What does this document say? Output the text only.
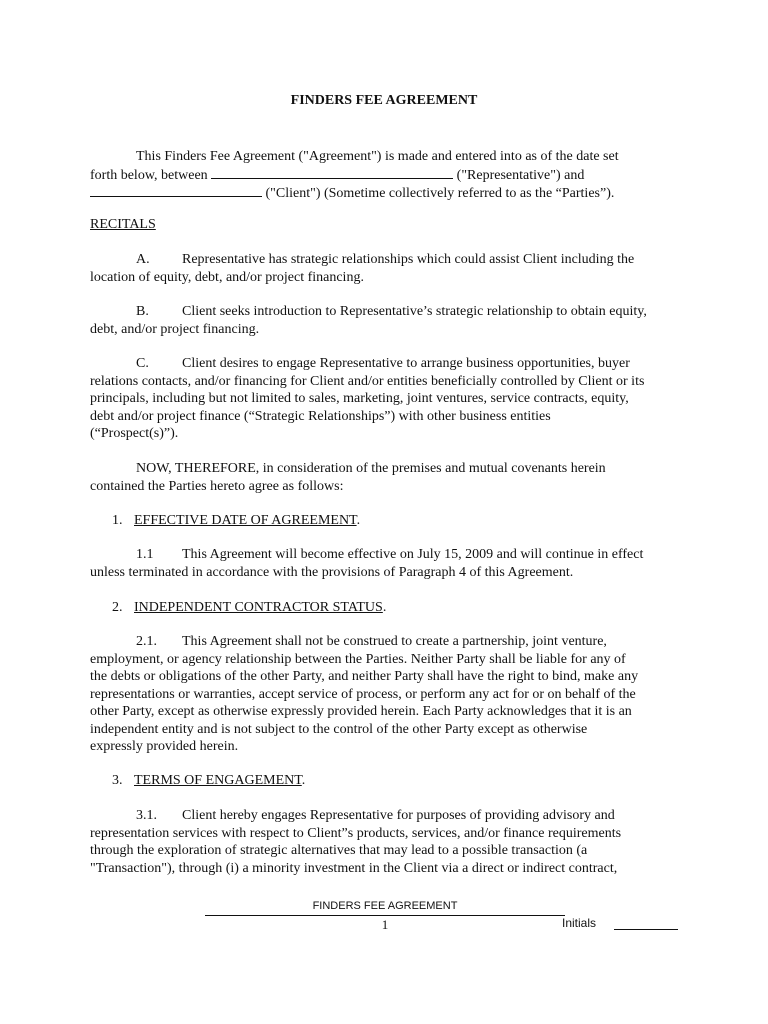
FINDERS FEE AGREEMENT
This Finders Fee Agreement ("Agreement") is made and entered into as of the date set
forth below, between	("Representative") and
("Client") (Sometime collectively referred to as the “Parties”).
RECITALS
A. Representative has strategic relationships which could assist Client including the
location of equity, debt, and/or project financing.
B. Client seeks introduction to Representative’s strategic relationship to obtain equity,
debt, and/or project financing.
C. Client desires to engage Representative to arrange business opportunities, buyer
relations contacts, and/or financing for Client and/or entities beneficially controlled by Client or its
principals, including but not limited to sales, marketing, joint ventures, service contracts, equity,
debt and/or project finance (“Strategic Relationships”) with other business entities
(“Prospect(s)”).
NOW, THEREFORE, in consideration of the premises and mutual covenants herein
contained the Parties hereto agree as follows:
1. EFFECTIVE DATE OF AGREEMENT.
1.1 This Agreement will become effective on July 15, 2009 and will continue in effect
unless terminated in accordance with the provisions of Paragraph 4 of this Agreement.
2. INDEPENDENT CONTRACTOR STATUS.
2.1. This Agreement shall not be construed to create a partnership, joint venture,
employment, or agency relationship between the Parties. Neither Party shall be liable for any of
the debts or obligations of the other Party, and neither Party shall have the right to bind, make any
representations or warranties, accept service of process, or perform any act for or on behalf of the
other Party, except as otherwise expressly provided herein. Each Party acknowledges that it is an
independent entity and is not subject to the control of the other Party except as otherwise
expressly provided herein.
3. TERMS OF ENGAGEMENT.
3.1. Client hereby engages Representative for purposes of providing advisory and
representation services with respect to Client”s products, services, and/or finance requirements
through the exploration of strategic alternatives that may lead to a possible transaction (a
"Transaction"), through (i) a minority investment in the Client via a direct or indirect contract,
FINDERS FEE AGREEMENT
1	Initials
